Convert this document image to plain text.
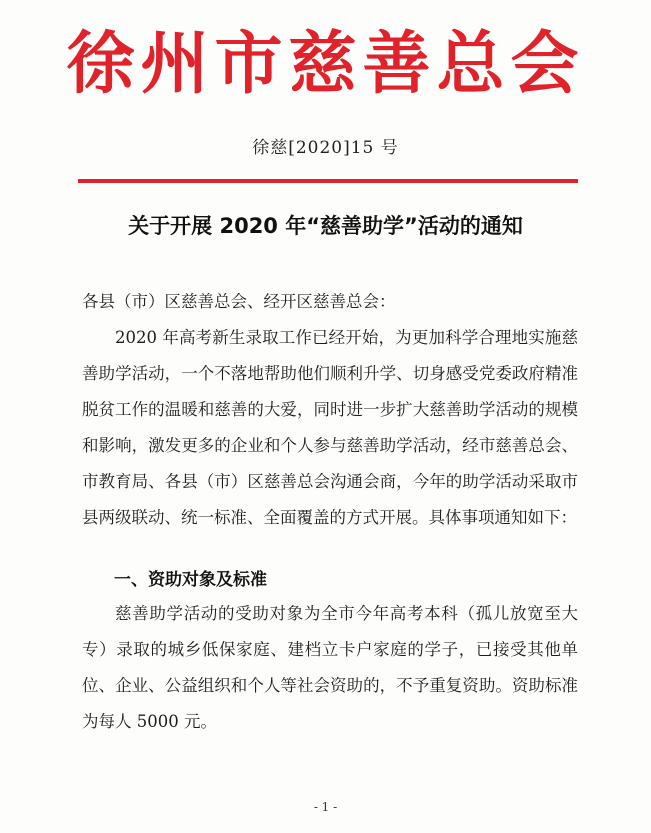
徐州市慈善总会
徐慈[2020]15 号
关于开展 2020 年“慈善助学”活动的通知
各县（市）区慈善总会、经开区慈善总会：
2020 年高考新生录取工作已经开始，为更加科学合理地实施慈善助学活动，一个不落地帮助他们顺利升学、切身感受党委政府精准脱贫工作的温暖和慈善的大爱，同时进一步扩大慈善助学活动的规模和影响，激发更多的企业和个人参与慈善助学活动，经市慈善总会、市教育局、各县（市）区慈善总会沟通会商，今年的助学活动采取市县两级联动、统一标准、全面覆盖的方式开展。具体事项通知如下：
一、资助对象及标准
慈善助学活动的受助对象为全市今年高考本科（孤儿放宽至大专）录取的城乡低保家庭、建档立卡户家庭的学子，已接受其他单位、企业、公益组织和个人等社会资助的，不予重复资助。资助标准为每人 5000 元。
- 1 -
